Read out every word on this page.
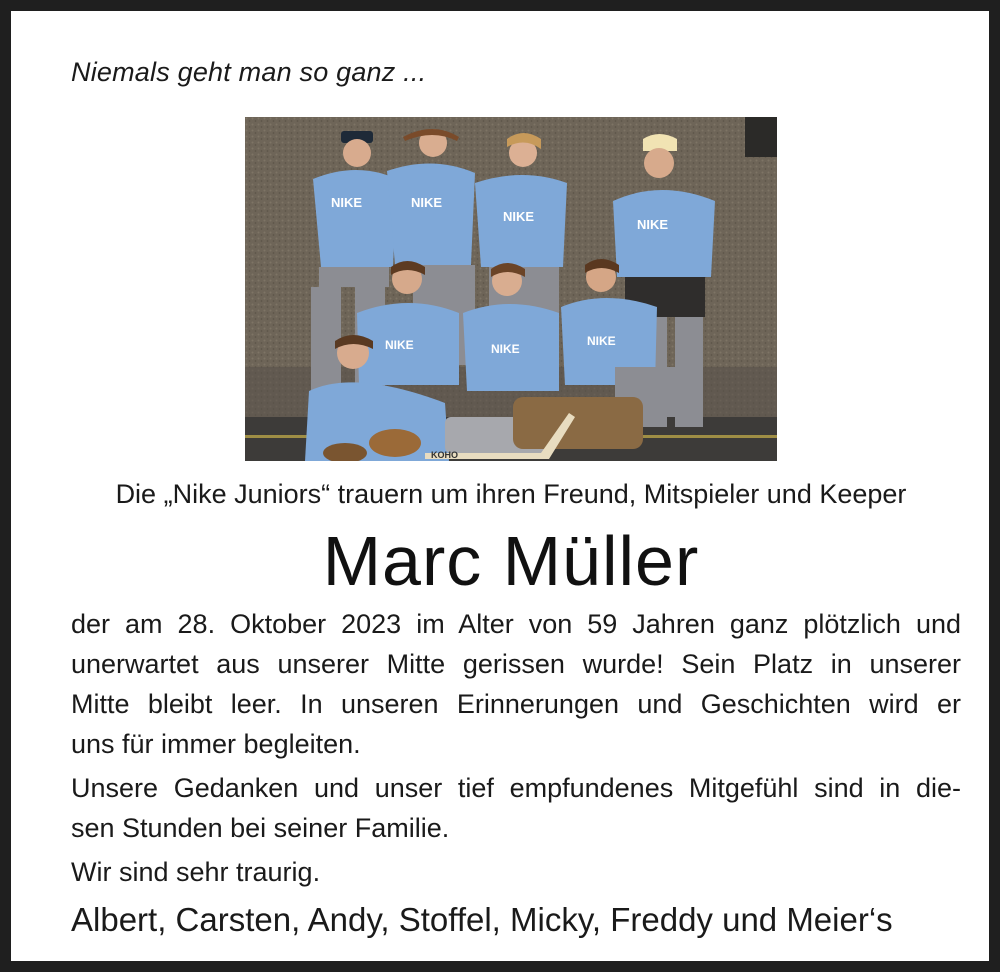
Niemals geht man so ganz ...
NIKE	NIKE
NIKE
NIKE
NIKE	NIKE
NIKE
KOHO
Die „Nike Juniors“ trauern um ihren Freund, Mitspieler und Keeper
Marc Müller
der am 28. Oktober 2023 im Alter von 59 Jahren ganz plötzlich und
unerwartet aus unserer Mitte gerissen wurde! Sein Platz in unserer
Mitte bleibt leer. In unseren Erinnerungen und Geschichten wird er
uns für immer begleiten.
Unsere Gedanken und unser tief empfundenes Mitgefühl sind in die-
sen Stunden bei seiner Familie.
Wir sind sehr traurig.
Albert, Carsten, Andy, Stoffel, Micky, Freddy und Meier‘s
